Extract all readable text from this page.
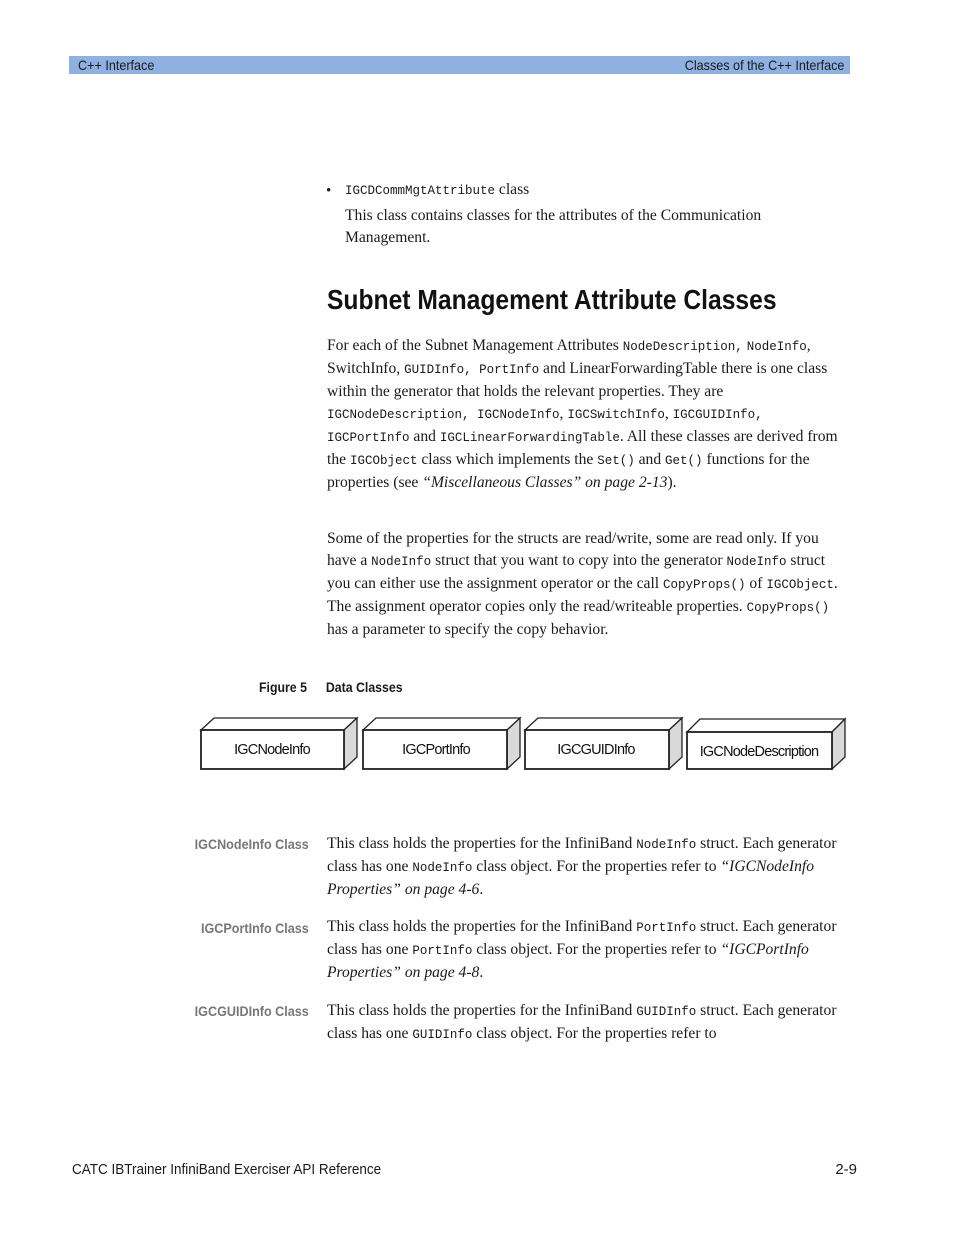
C++ Interface	Classes of the C++ Interface
• IGCDCommMgtAttribute class
This class contains classes for the attributes of the Communication Management.
Subnet Management Attribute Classes
For each of the Subnet Management Attributes NodeDescription, NodeInfo, SwitchInfo, GUIDInfo, PortInfo and LinearForwardingTable there is one class within the generator that holds the relevant properties. They are IGCNodeDescription, IGCNodeInfo, IGCSwitchInfo, IGCGUIDInfo, IGCPortInfo and IGCLinearForwardingTable. All these classes are derived from the IGCObject class which implements the Set() and Get() functions for the properties (see “Miscellaneous Classes” on page 2-13).
Some of the properties for the structs are read/write, some are read only. If you have a NodeInfo struct that you want to copy into the generator NodeInfo struct you can either use the assignment operator or the call CopyProps() of IGCObject. The assignment operator copies only the read/writeable properties. CopyProps() has a parameter to specify the copy behavior.
Figure 5 Data Classes
IGCNodeInfo	IGCPortInfo	IGCGUIDInfo	IGCNodeDescription
IGCNodeInfo Class This class holds the properties for the InfiniBand NodeInfo struct. Each generator class has one NodeInfo class object. For the properties refer to “IGCNodeInfo Properties” on page 4-6.
IGCPortInfo Class This class holds the properties for the InfiniBand PortInfo struct. Each generator class has one PortInfo class object. For the properties refer to “IGCPortInfo Properties” on page 4-8.
IGCGUIDInfo Class This class holds the properties for the InfiniBand GUIDInfo struct. Each generator class has one GUIDInfo class object. For the properties refer to
CATC IBTrainer InfiniBand Exerciser API Reference	2-9
